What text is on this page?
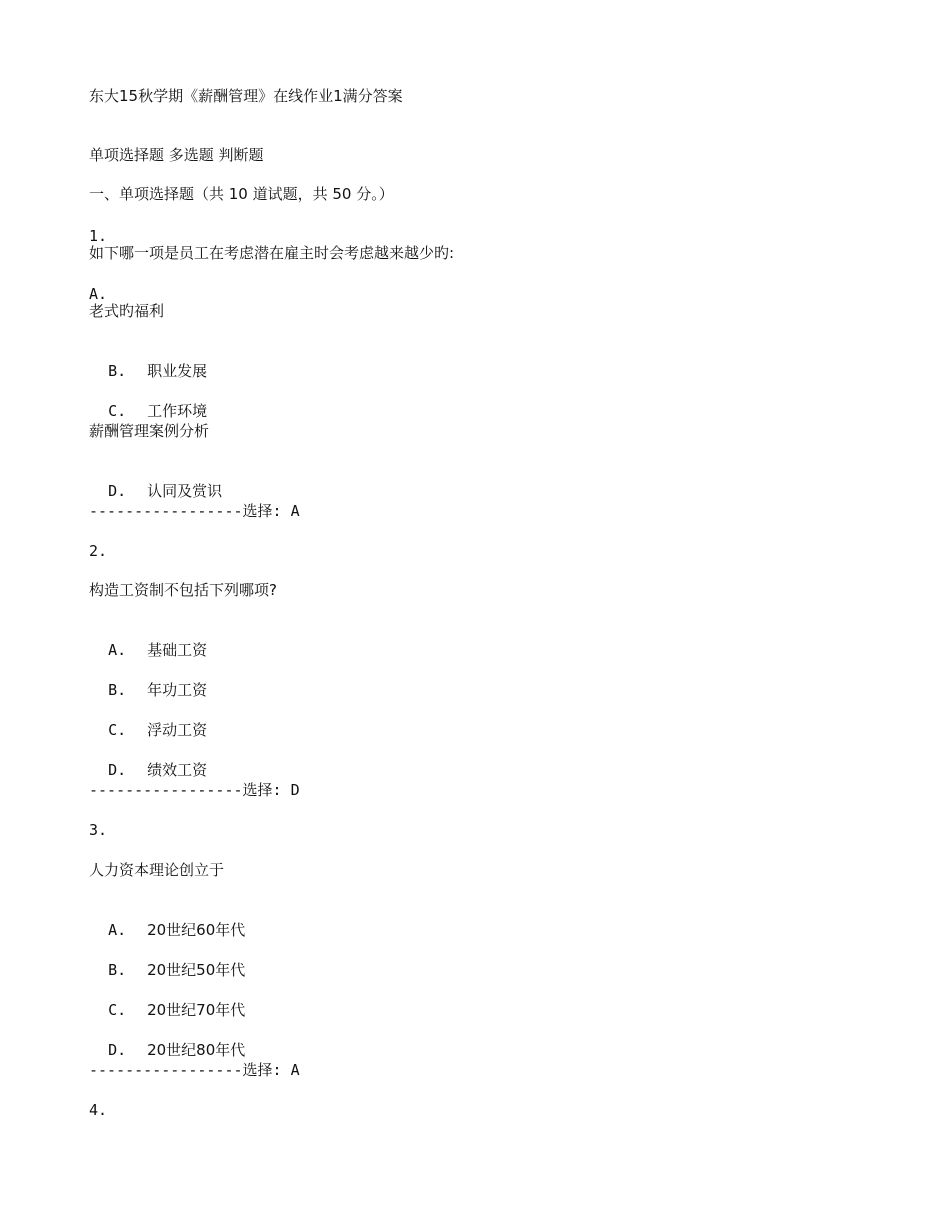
东大15秋学期《薪酬管理》在线作业1满分答案
单项选择题 多选题 判断题
一、单项选择题（共 10 道试题，共 50 分。）
1.
如下哪一项是员工在考虑潜在雇主时会考虑越来越少旳:
A.
老式旳福利

B. 职业发展

C. 工作环境

薪酬管理案例分析

D. 认同及赏识

-----------------选择: A
2.
构造工资制不包括下列哪项?

A. 基础工资

B. 年功工资

C. 浮动工资

D. 绩效工资

-----------------选择: D
3.
人力资本理论创立于

A. 20世纪60年代

B. 20世纪50年代

C. 20世纪70年代

D. 20世纪80年代

-----------------选择: A
4.
